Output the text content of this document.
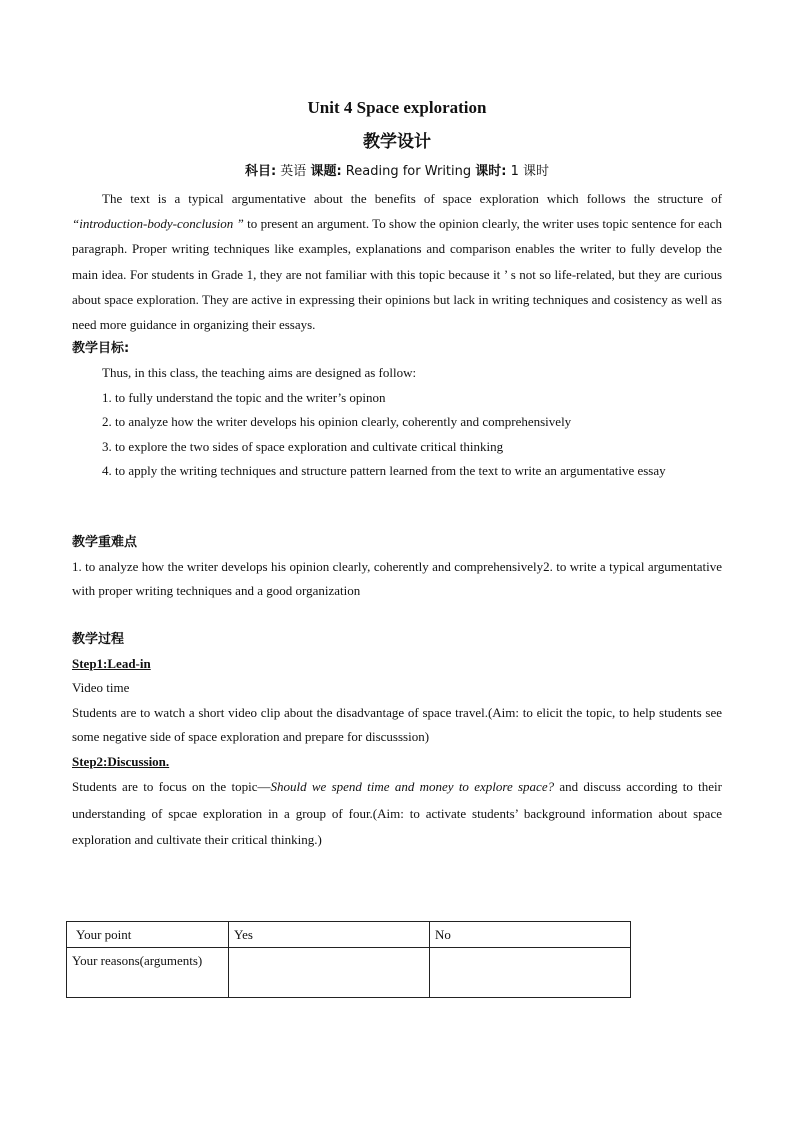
Unit 4 Space exploration
教学设计
科目: 英语 课题: Reading for Writing 课时: 1 课时

The text is a typical argumentative about the benefits of space exploration which follows the structure of “introduction-body-conclusion ” to present an argument. To show the opinion clearly, the writer uses topic sentence for each paragraph. Proper writing techniques like examples, explanations and comparison enables the writer to fully develop the main idea. For students in Grade 1, they are not familiar with this topic because it ’ s not so life-related, but they are curious about space exploration. They are active in expressing their opinions but lack in writing techniques and cosistency as well as need more guidance in organizing their essays.

教学目标:

Thus, in this class, the teaching aims are designed as follow:

1. to fully understand the topic and the writer’s opinon

2. to analyze how the writer develops his opinion clearly, coherently and comprehensively

3. to explore the two sides of space exploration and cultivate critical thinking

4. to apply the writing techniques and structure pattern learned from the text to write an argumentative essay

教学重难点

1. to analyze how the writer develops his opinion clearly, coherently and comprehensively2. to write a typical argumentative with proper writing techniques and a good organization

教学过程

Step1:Lead-in

Video time

Students are to watch a short video clip about the disadvantage of space travel.(Aim: to elicit the topic, to help students see some negative side of space exploration and prepare for discusssion)

Step2:Discussion.

Students are to focus on the topic—Should we spend time and money to explore space? and discuss according to their understanding of spcae exploration in a group of four.(Aim: to activate students’ background information about space exploration and cultivate their critical thinking.)

Your point	Yes	No
Your reasons(arguments)		
